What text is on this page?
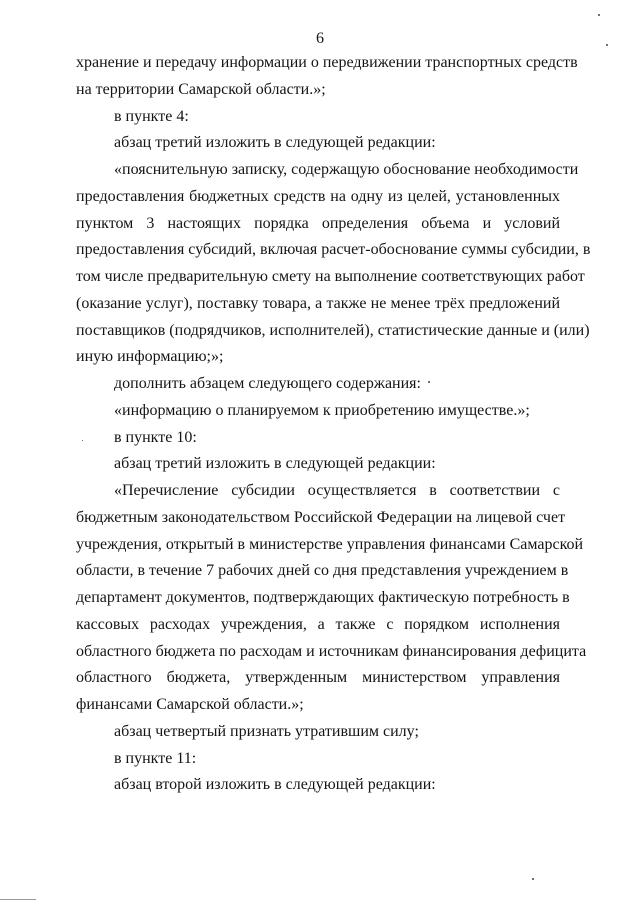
6
хранение и передачу информации о передвижении транспортных средств
на территории Самарской области.»;
в пункте 4:
абзац третий изложить в следующей редакции:
«пояснительную записку, содержащую обоснование необходимости
предоставления бюджетных средств на одну из целей, установленных
пунктом 3 настоящих порядка определения объема и условий
предоставления субсидий, включая расчет-обоснование суммы субсидии, в
том числе предварительную смету на выполнение соответствующих работ
(оказание услуг), поставку товара, а также не менее трёх предложений
поставщиков (подрядчиков, исполнителей), статистические данные и (или)
иную информацию;»;
дополнить абзацем следующего содержания:
«информацию о планируемом к приобретению имуществе.»;
в пункте 10:
абзац третий изложить в следующей редакции:
«Перечисление субсидии осуществляется в соответствии с
бюджетным законодательством Российской Федерации на лицевой счет
учреждения, открытый в министерстве управления финансами Самарской
области, в течение 7 рабочих дней со дня представления учреждением в
департамент документов, подтверждающих фактическую потребность в
кассовых расходах учреждения, а также с порядком исполнения
областного бюджета по расходам и источникам финансирования дефицита
областного бюджета, утвержденным министерством управления
финансами Самарской области.»;
абзац четвертый признать утратившим силу;
в пункте 11:
абзац второй изложить в следующей редакции:
